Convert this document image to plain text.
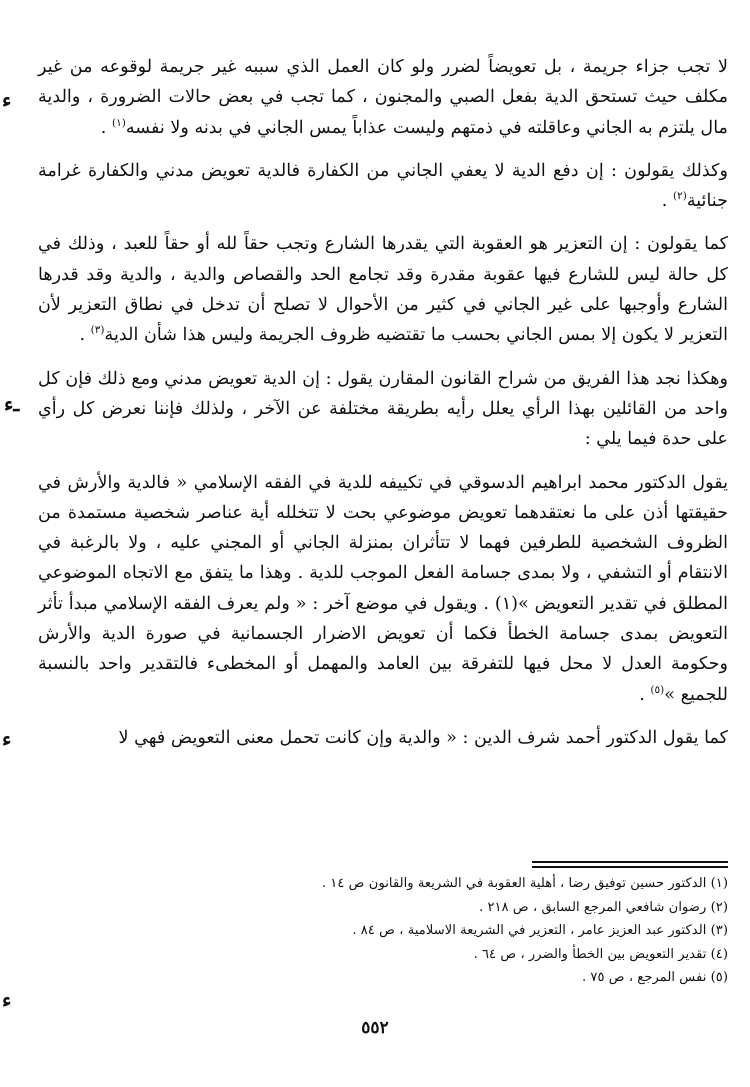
لا تجب جزاء جريمة ، بل تعويضاً لضرر ولو كان العمل الذي سببه غير جريمة لوقوعه من غير مكلف حيث تستحق الدية بفعل الصبي والمجنون ، كما تجب في بعض حالات الضرورة ، والدية مال يلتزم به الجاني وعاقلته في ذمتهم وليست عذاباً يمس الجاني في بدنه ولا نفسه$^{(١)}$ .

وكذلك يقولون : إن دفع الدية لا يعفي الجاني من الكفارة فالدية تعويض مدني والكفارة غرامة جنائية$^{(٢)}$ .

كما يقولون : إن التعزير هو العقوبة التي يقدرها الشارع وتجب حقاً لله أو حقاً للعبد ، وذلك في كل حالة ليس للشارع فيها عقوبة مقدرة وقد تجامع الحد والقصاص والدية ، والدية وقد قدرها الشارع وأوجبها على غير الجاني في كثير من الأحوال لا تصلح أن تدخل في نطاق التعزير لأن التعزير لا يكون إلا بمس الجاني بحسب ما تقتضيه ظروف الجريمة وليس هذا شأن الدية$^{(٣)}$ .

وهكذا نجد هذا الفريق من شراح القانون المقارن يقول : إن الدية تعويض مدني ومع ذلك فإن كل واحد من القائلين بهذا الرأي يعلل رأيه بطريقة مختلفة عن الآخر ، ولذلك فإننا نعرض كل رأي على حدة فيما يلي :

يقول الدكتور محمد ابراهيم الدسوقي في تكييفه للدية في الفقه الإسلامي « فالدية والأرش في حقيقتها أذن على ما نعتقدهما تعويض موضوعي بحت لا تتخلله أية عناصر شخصية مستمدة من الظروف الشخصية للطرفين فهما لا تتأثران بمنزلة الجاني أو المجني عليه ، ولا بالرغبة في الانتقام أو التشفي ، ولا بمدى جسامة الفعل الموجب للدية . وهذا ما يتفق مع الاتجاه الموضوعي المطلق في تقدير التعويض »(١) . ويقول في موضع آخر : « ولم يعرف الفقه الإسلامي مبدأ تأثر التعويض بمدى جسامة الخطأ فكما أن تعويض الاضرار الجسمانية في صورة الدية والأرش وحكومة العدل لا محل فيها للتفرقة بين العامد والمهمل أو المخطىء فالتقدير واحد بالنسبة للجميع »$^{(٥)}$ .

كما يقول الدكتور أحمد شرف الدين : « والدية وإن كانت تحمل معنى التعويض فهي لا

(١) الدكتور حسين توفيق رضا ، أهلية العقوبة في الشريعة والقانون ص ١٤ .
(٢) رضوان شافعي المرجع السابق ، ص ٢١٨ .
(٣) الدكتور عبد العزيز عامر ، التعزير في الشريعة الاسلامية ، ص ٨٤ .
(٤) تقدير التعويض بين الخطأ والضرر ، ص ٦٤ .
(٥) نفس المرجع ، ص ٧٥ .
٥٥٢
ﺀ
ـﺀ
ﺀ
ﺀ
